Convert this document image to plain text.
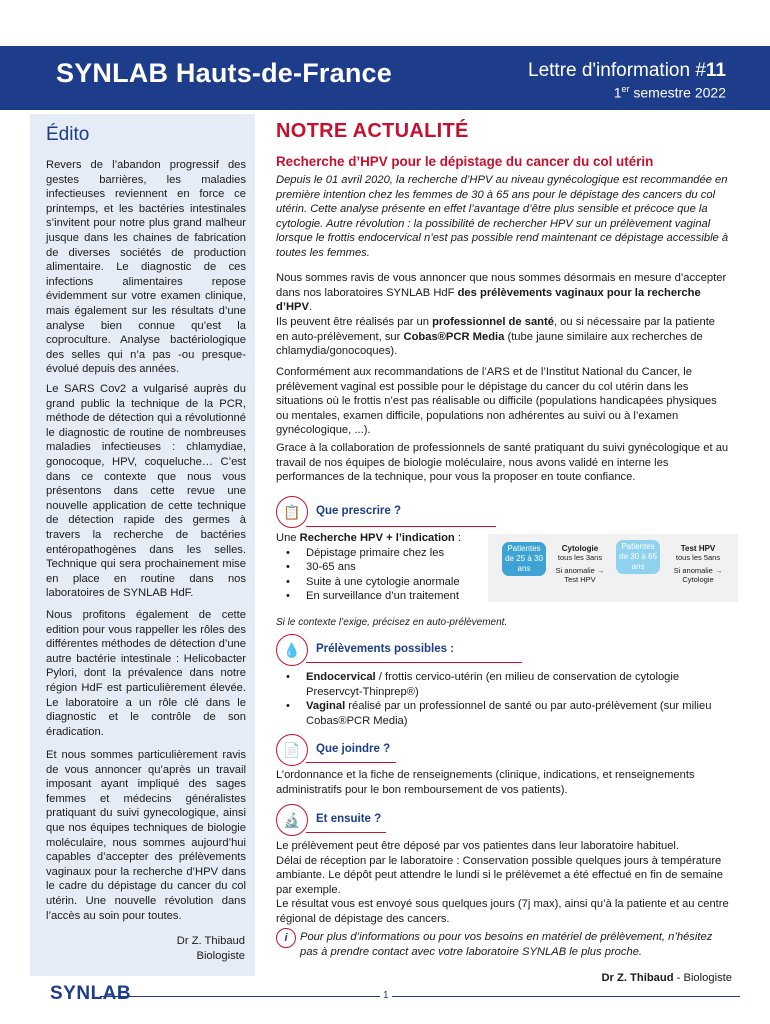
SYNLAB Hauts-de-France	Lettre d'information #11
1er semestre 2022
Édito
Revers de l’abandon progressif des gestes barrières, les maladies infectieuses reviennent en force ce printemps, et les bactéries intestinales s’invitent pour notre plus grand malheur jusque dans les chaines de fabrication de diverses sociétés de production alimentaire. Le diagnostic de ces infections alimentaires repose évidemment sur votre examen clinique, mais également sur les résultats d’une analyse bien connue qu’est la coproculture. Analyse bactériologique des selles qui n’a pas -ou presque-évolué depuis des années.
Le SARS Cov2 a vulgarisé auprès du grand public la technique de la PCR, méthode de détection qui a révolutionné le diagnostic de routine de nombreuses maladies infectieuses : chlamydiae, gonocoque, HPV, coqueluche… C’est dans ce contexte que nous vous présentons dans cette revue une nouvelle application de cette technique de détection rapide des germes à travers la recherche de bactéries entéropathogènes dans les selles. Technique qui sera prochainement mise en place en routine dans nos laboratoires de SYNLAB HdF.
Nous profitons également de cette edition pour vous rappeller les rôles des différentes méthodes de détection d’une autre bactérie intestinale : Helicobacter Pylori, dont la prévalence dans notre région HdF est particulièrement élevée. Le laboratoire a un rôle clé dans le diagnostic et le contrôle de son éradication.
Et nous sommes particulièrement ravis de vous annoncer qu’après un travail imposant ayant impliqué des sages femmes et médecins généralistes pratiquant du suivi gynecologique, ainsi que nos équipes techniques de biologie moléculaire, nous sommes aujourd’hui capables d’accepter des prélèvements vaginaux pour la recherche d’HPV dans le cadre du dépistage du cancer du col utérin. Une nouvelle révolution dans l’accès au soin pour toutes.
Dr Z. Thibaud
Biologiste
NOTRE ACTUALITÉ
Recherche d’HPV pour le dépistage du cancer du col utérin
Depuis le 01 avril 2020, la recherche d’HPV au niveau gynécologique est recommandée en première intention chez les femmes de 30 à 65 ans pour le dépistage des cancers du col utérin. Cette analyse présente en effet l’avantage d’être plus sensible et précoce que la cytologie. Autre révolution : la possibilité de rechercher HPV sur un prélèvement vaginal lorsque le frottis endocervical n’est pas possible rend maintenant ce dépistage accessible à toutes les femmes.
Nous sommes ravis de vous annoncer que nous sommes désormais en mesure d’accepter dans nos laboratoires SYNLAB HdF des prélèvements vaginaux pour la recherche d’HPV.
Ils peuvent être réalisés par un professionnel de santé, ou si nécessaire par la patiente en auto-prélèvement, sur Cobas®PCR Media (tube jaune similaire aux recherches de chlamydia/gonocoques).
Conformément aux recommandations de l’ARS et de l’Institut National du Cancer, le prélèvement vaginal est possible pour le dépistage du cancer du col utérin dans les situations où le frottis n’est pas réalisable ou difficile (populations handicapées physiques ou mentales, examen difficile, populations non adhérentes au suivi ou à l’examen gynécologique, ...).
Grace à la collaboration de professionnels de santé pratiquant du suivi gynécologique et au travail de nos équipes de biologie moléculaire, nous avons validé en interne les performances de la technique, pour vous la proposer en toute confiance.
📋	Que prescrire ?
Une Recherche HPV + l’indication :
• Dépistage primaire chez les
• 30-65 ans
• Suite à une cytologie anormale
• En surveillance d’un traitement
Patientes de 25 à 30 ans
Cytologie
tous les 3ans
Si anomalie → Test HPV
Patientes de 30 à 65 ans
Test HPV
tous les 5ans
Si anomalie → Cytologie
Si le contexte l’exige, précisez en auto-prélèvement.
💧	Prélèvements possibles :
• Endocervical / frottis cervico-utérin (en milieu de conservation de cytologie Preservcyt-Thinprep®)
• Vaginal réalisé par un professionnel de santé ou par auto-prélèvement (sur milieu Cobas®PCR Media)
📄	Que joindre ?
L’ordonnance et la fiche de renseignements (clinique, indications, et renseignements administratifs pour le bon remboursement de vos patients).
🔬	Et ensuite ?
Le prélèvement peut être déposé par vos patientes dans leur laboratoire habituel.
Délai de réception par le laboratoire : Conservation possible quelques jours à température ambiante. Le dépôt peut attendre le lundi si le prélèvemet a été effectué en fin de semaine par exemple.
Le résultat vous est envoyé sous quelques jours (7j max), ainsi qu’à la patiente et au centre régional de dépistage des cancers.
i	Pour plus d’informations ou pour vos besoins en matériel de prélèvement, n’hésitez pas à prendre contact avec votre laboratoire SYNLAB le plus proche.
Dr Z. Thibaud - Biologiste
SYNLAB	1
